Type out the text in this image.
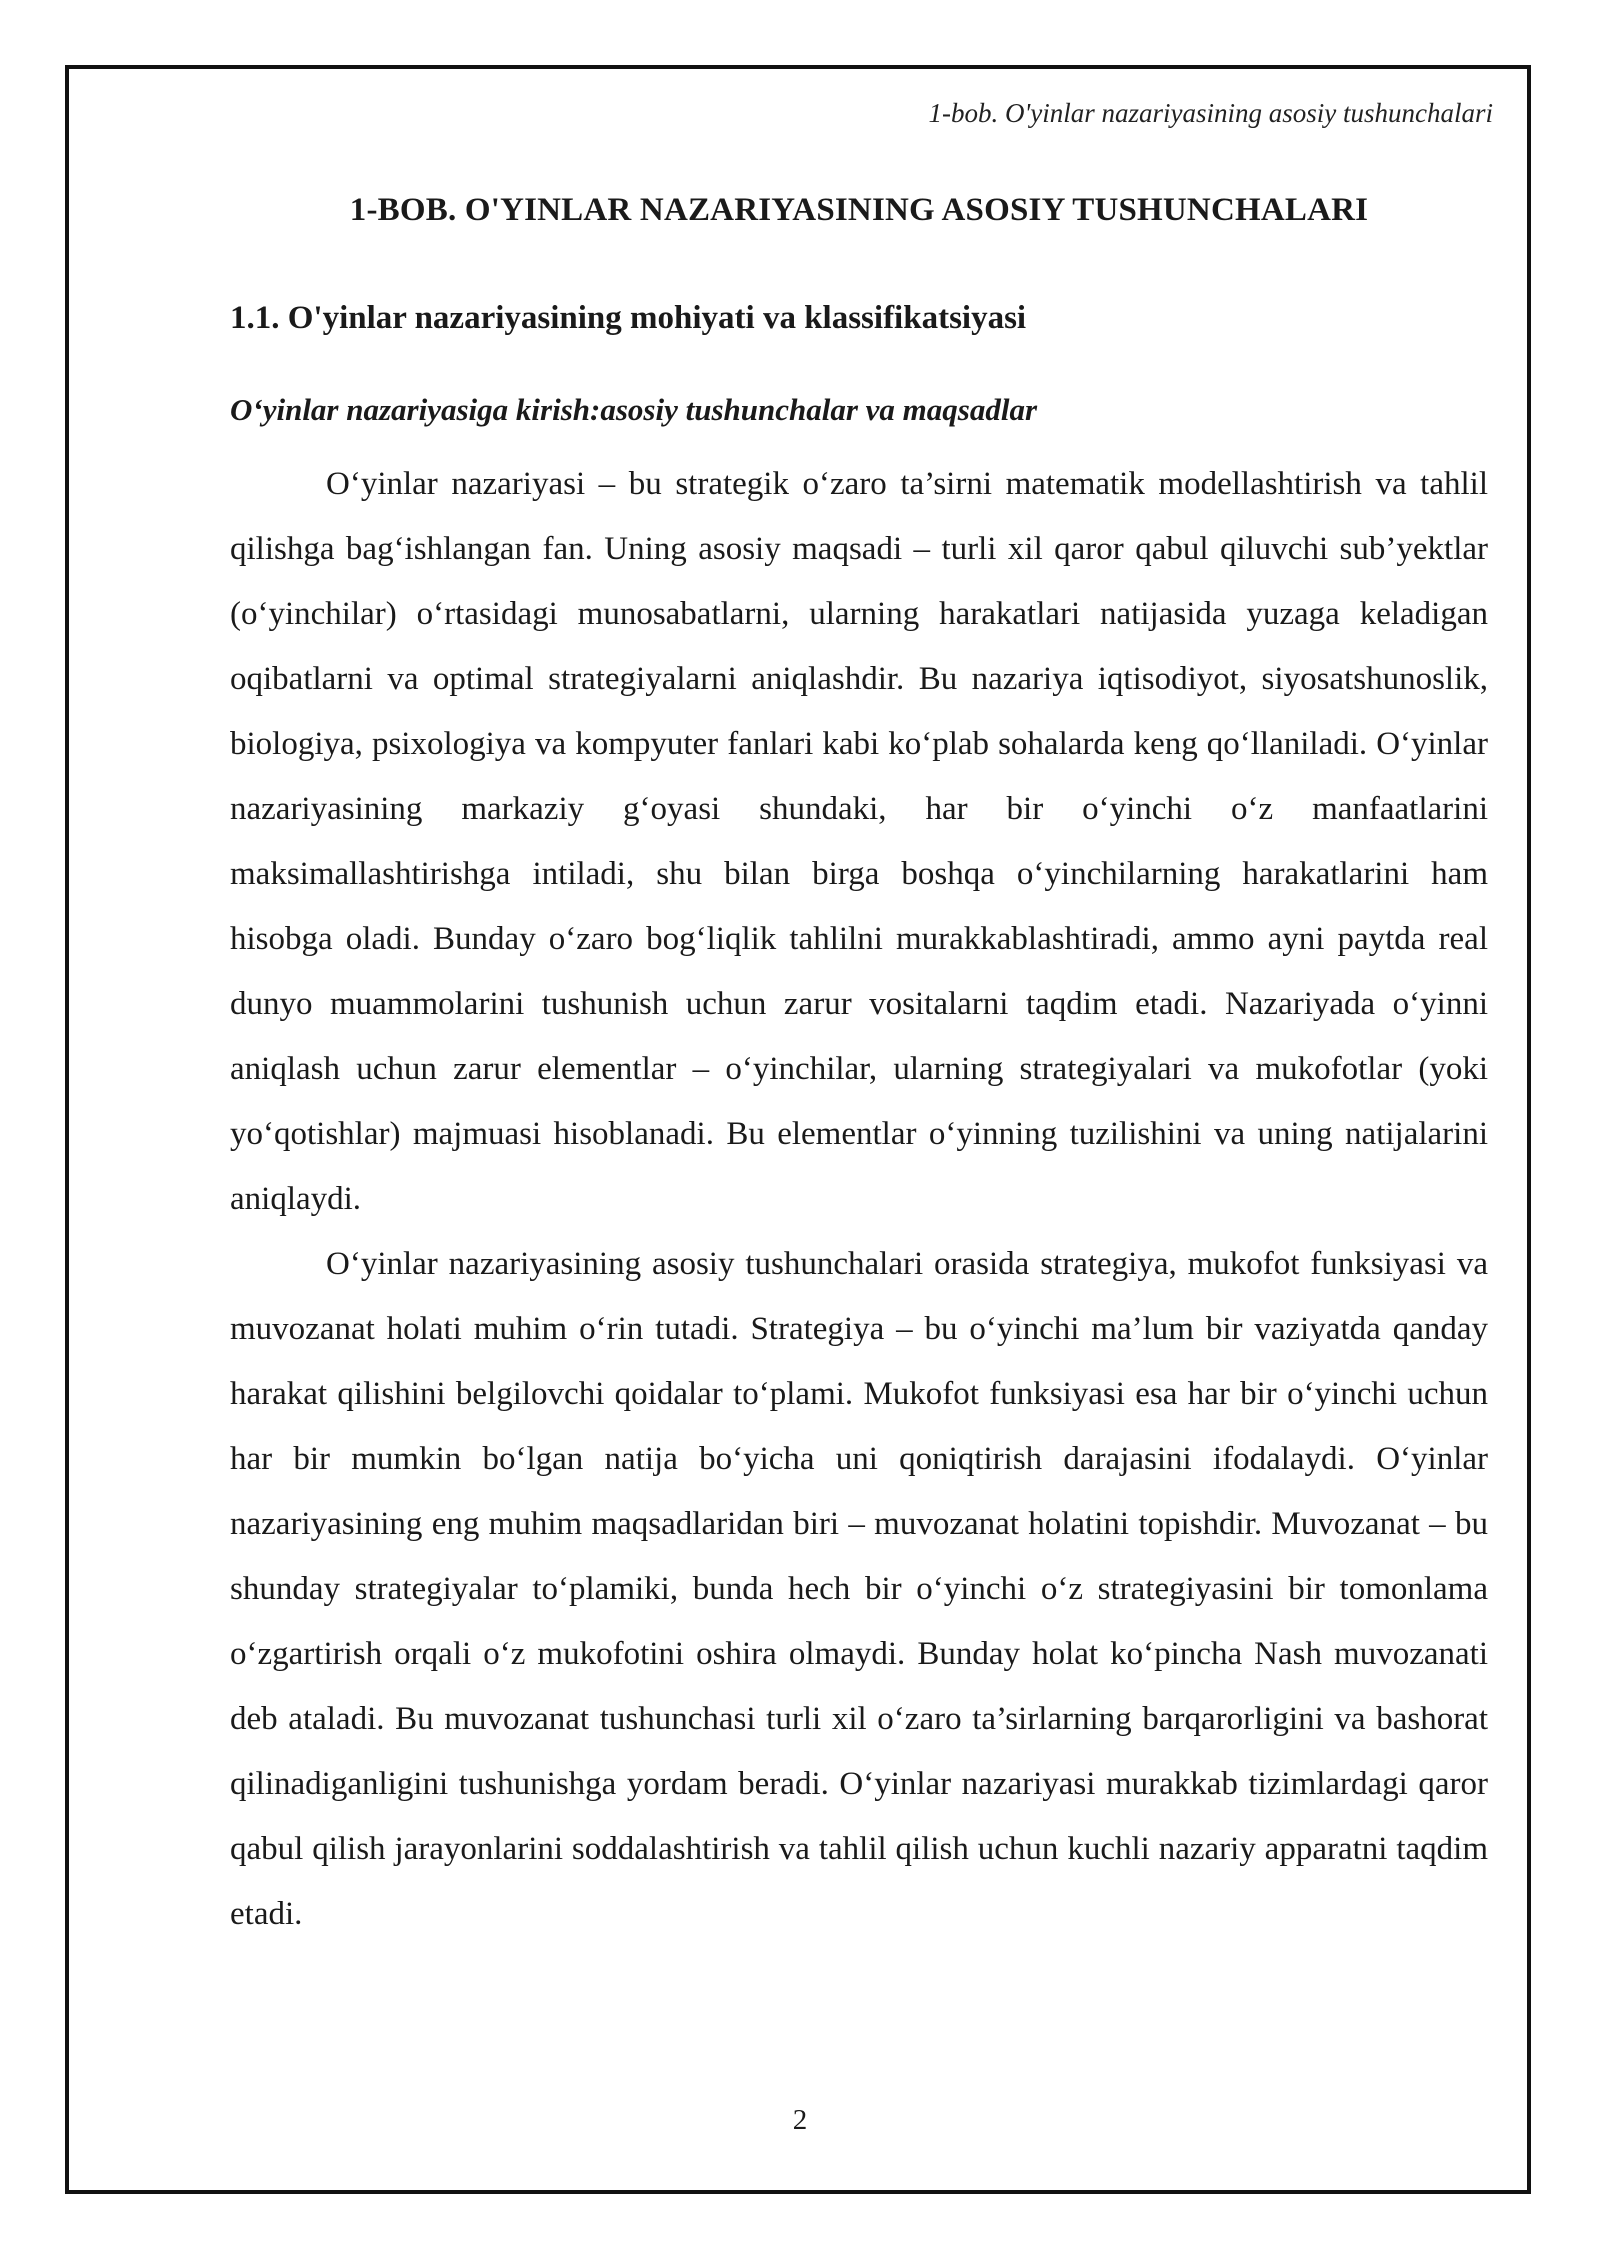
1-bob. O'yinlar nazariyasining asosiy tushunchalari
1-BOB. O'YINLAR NAZARIYASINING ASOSIY TUSHUNCHALARI
1.1. O'yinlar nazariyasining mohiyati va klassifikatsiyasi
O‘yinlar nazariyasiga kirish:asosiy tushunchalar va maqsadlar

O‘yinlar nazariyasi – bu strategik o‘zaro ta’sirni matematik modellashtirish va tahlil qilishga bag‘ishlangan fan. Uning asosiy maqsadi – turli xil qaror qabul qiluvchi sub’yektlar (o‘yinchilar) o‘rtasidagi munosabatlarni, ularning harakatlari natijasida yuzaga keladigan oqibatlarni va optimal strategiyalarni aniqlashdir. Bu nazariya iqtisodiyot, siyosatshunoslik, biologiya, psixologiya va kompyuter fanlari kabi ko‘plab sohalarda keng qo‘llaniladi. O‘yinlar nazariyasining markaziy g‘oyasi shundaki, har bir o‘yinchi o‘z manfaatlarini maksimallashtirishga intiladi, shu bilan birga boshqa o‘yinchilarning harakatlarini ham hisobga oladi. Bunday o‘zaro bog‘liqlik tahlilni murakkablashtiradi, ammo ayni paytda real dunyo muammolarini tushunish uchun zarur vositalarni taqdim etadi. Nazariyada o‘yinni aniqlash uchun zarur elementlar – o‘yinchilar, ularning strategiyalari va mukofotlar (yoki yo‘qotishlar) majmuasi hisoblanadi. Bu elementlar o‘yinning tuzilishini va uning natijalarini aniqlaydi.

O‘yinlar nazariyasining asosiy tushunchalari orasida strategiya, mukofot funksiyasi va muvozanat holati muhim o‘rin tutadi. Strategiya – bu o‘yinchi ma’lum bir vaziyatda qanday harakat qilishini belgilovchi qoidalar to‘plami. Mukofot funksiyasi esa har bir o‘yinchi uchun har bir mumkin bo‘lgan natija bo‘yicha uni qoniqtirish darajasini ifodalaydi. O‘yinlar nazariyasining eng muhim maqsadlaridan biri – muvozanat holatini topishdir. Muvozanat – bu shunday strategiyalar to‘plamiki, bunda hech bir o‘yinchi o‘z strategiyasini bir tomonlama o‘zgartirish orqali o‘z mukofotini oshira olmaydi. Bunday holat ko‘pincha Nash muvozanati deb ataladi. Bu muvozanat tushunchasi turli xil o‘zaro ta’sirlarning barqarorligini va bashorat qilinadiganligini tushunishga yordam beradi. O‘yinlar nazariyasi murakkab tizimlardagi qaror qabul qilish jarayonlarini soddalashtirish va tahlil qilish uchun kuchli nazariy apparatni taqdim etadi.

2
